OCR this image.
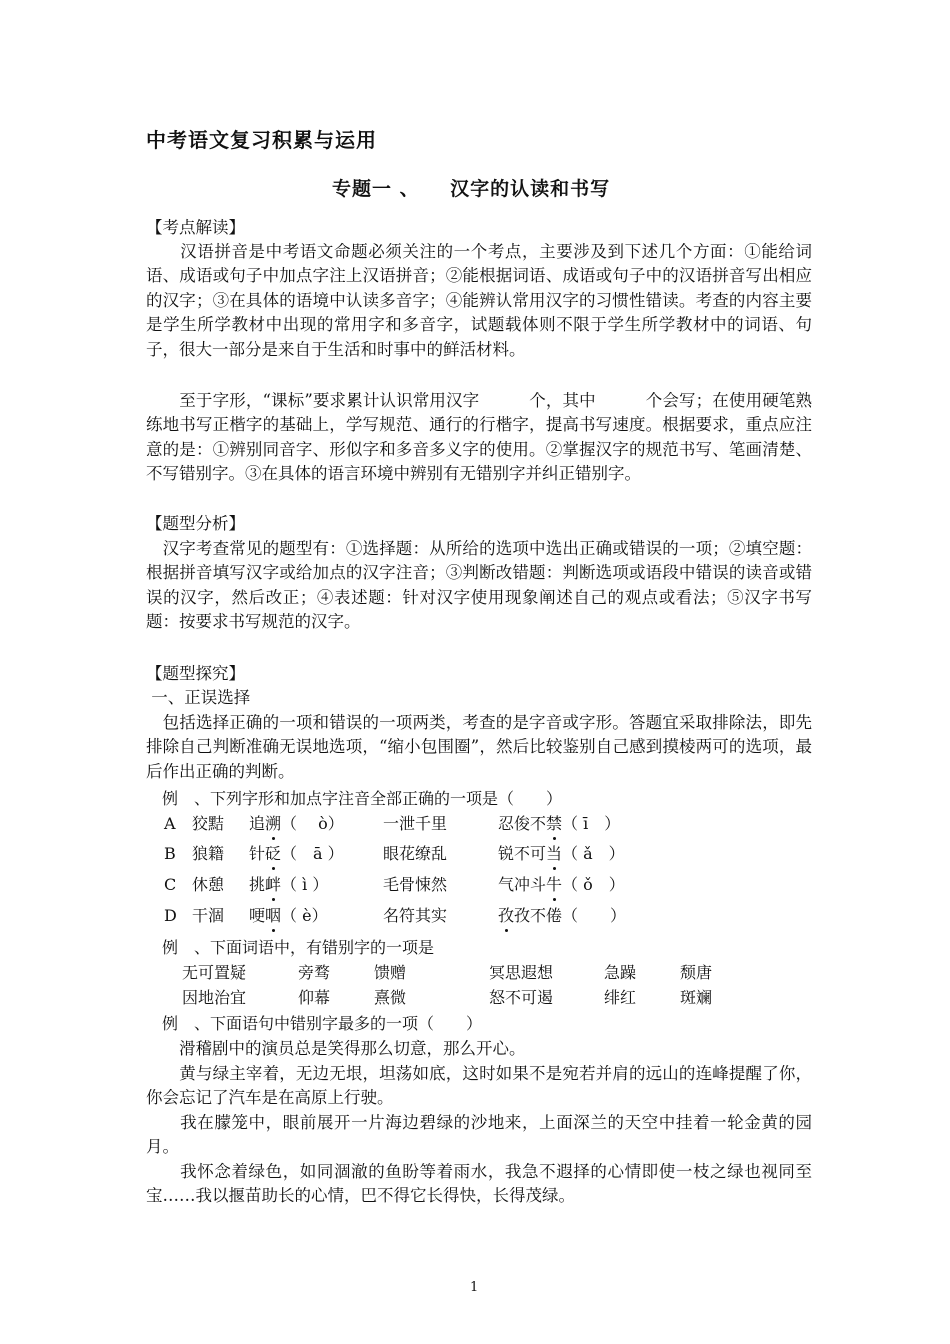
中考语文复习积累与运用
专题一 、    汉字的认读和书写
【考点解读】
　　汉语拼音是中考语文命题必须关注的一个考点，主要涉及到下述几个方面：①能给词语、成语或句子中加点字注上汉语拼音；②能根据词语、成语或句子中的汉语拼音写出相应的汉字；③在具体的语境中认读多音字；④能辨认常用汉字的习惯性错读。考查的内容主要是学生所学教材中出现的常用字和多音字，试题载体则不限于学生所学教材中的词语、句子，很大一部分是来自于生活和时事中的鲜活材料。
　　至于字形，“课标”要求累计认识常用汉字　　　个，其中　　　个会写；在使用硬笔熟练地书写正楷字的基础上，学写规范、通行的行楷字，提高书写速度。根据要求，重点应注意的是：①辨别同音字、形似字和多音多义字的使用。②掌握汉字的规范书写、笔画清楚、不写错别字。③在具体的语言环境中辨别有无错别字并纠正错别字。
【题型分析】
　汉字考查常见的题型有：①选择题：从所给的选项中选出正确或错误的一项；②填空题：根据拼音填写汉字或给加点的汉字注音；③判断改错题：判断选项或语段中错误的读音或错误的汉字，然后改正；④表述题：针对汉字使用现象阐述自己的观点或看法；⑤汉字书写题：按要求书写规范的汉字。
【题型探究】
一、正误选择
　包括选择正确的一项和错误的一项两类，考查的是字音或字形。答题宜采取排除法，即先排除自己判断准确无误地选项，“缩小包围圈”，然后比较鉴别自己感到摸棱两可的选项，最后作出正确的判断。
　例　、下列字形和加点字注音全部正确的一项是（　　）
A 狡黠 追溯（　 ò） 一泄千里	忍俊不禁（ ī　）
B 狼籍 针砭（　ā ） 眼花缭乱	锐不可当（ ǎ　）
C 休憩 挑衅（ ì ）	毛骨悚然	气冲斗牛（ ǒ　）
D 干涸 哽咽（ è）	名符其实	孜孜不倦（　　）
　例　、下面词语中，有错别字的一项是
无可置疑	旁骛	馈赠	冥思遐想	急躁	颓唐
因地治宜	仰幕	熹微	怒不可遏	绯红	斑斓
　例　、下面语句中错别字最多的一项（　　）
　　滑稽剧中的演员总是笑得那么切意，那么开心。
　　黄与绿主宰着，无边无垠，坦荡如底，这时如果不是宛若并肩的远山的连峰提醒了你，你会忘记了汽车是在高原上行驶。
　　我在朦笼中，眼前展开一片海边碧绿的沙地来，上面深兰的天空中挂着一轮金黄的园月。
　　我怀念着绿色，如同涸澈的鱼盼等着雨水，我急不遐择的心情即使一枝之绿也视同至宝……我以揠苗助长的心情，巴不得它长得快，长得茂绿。
1
